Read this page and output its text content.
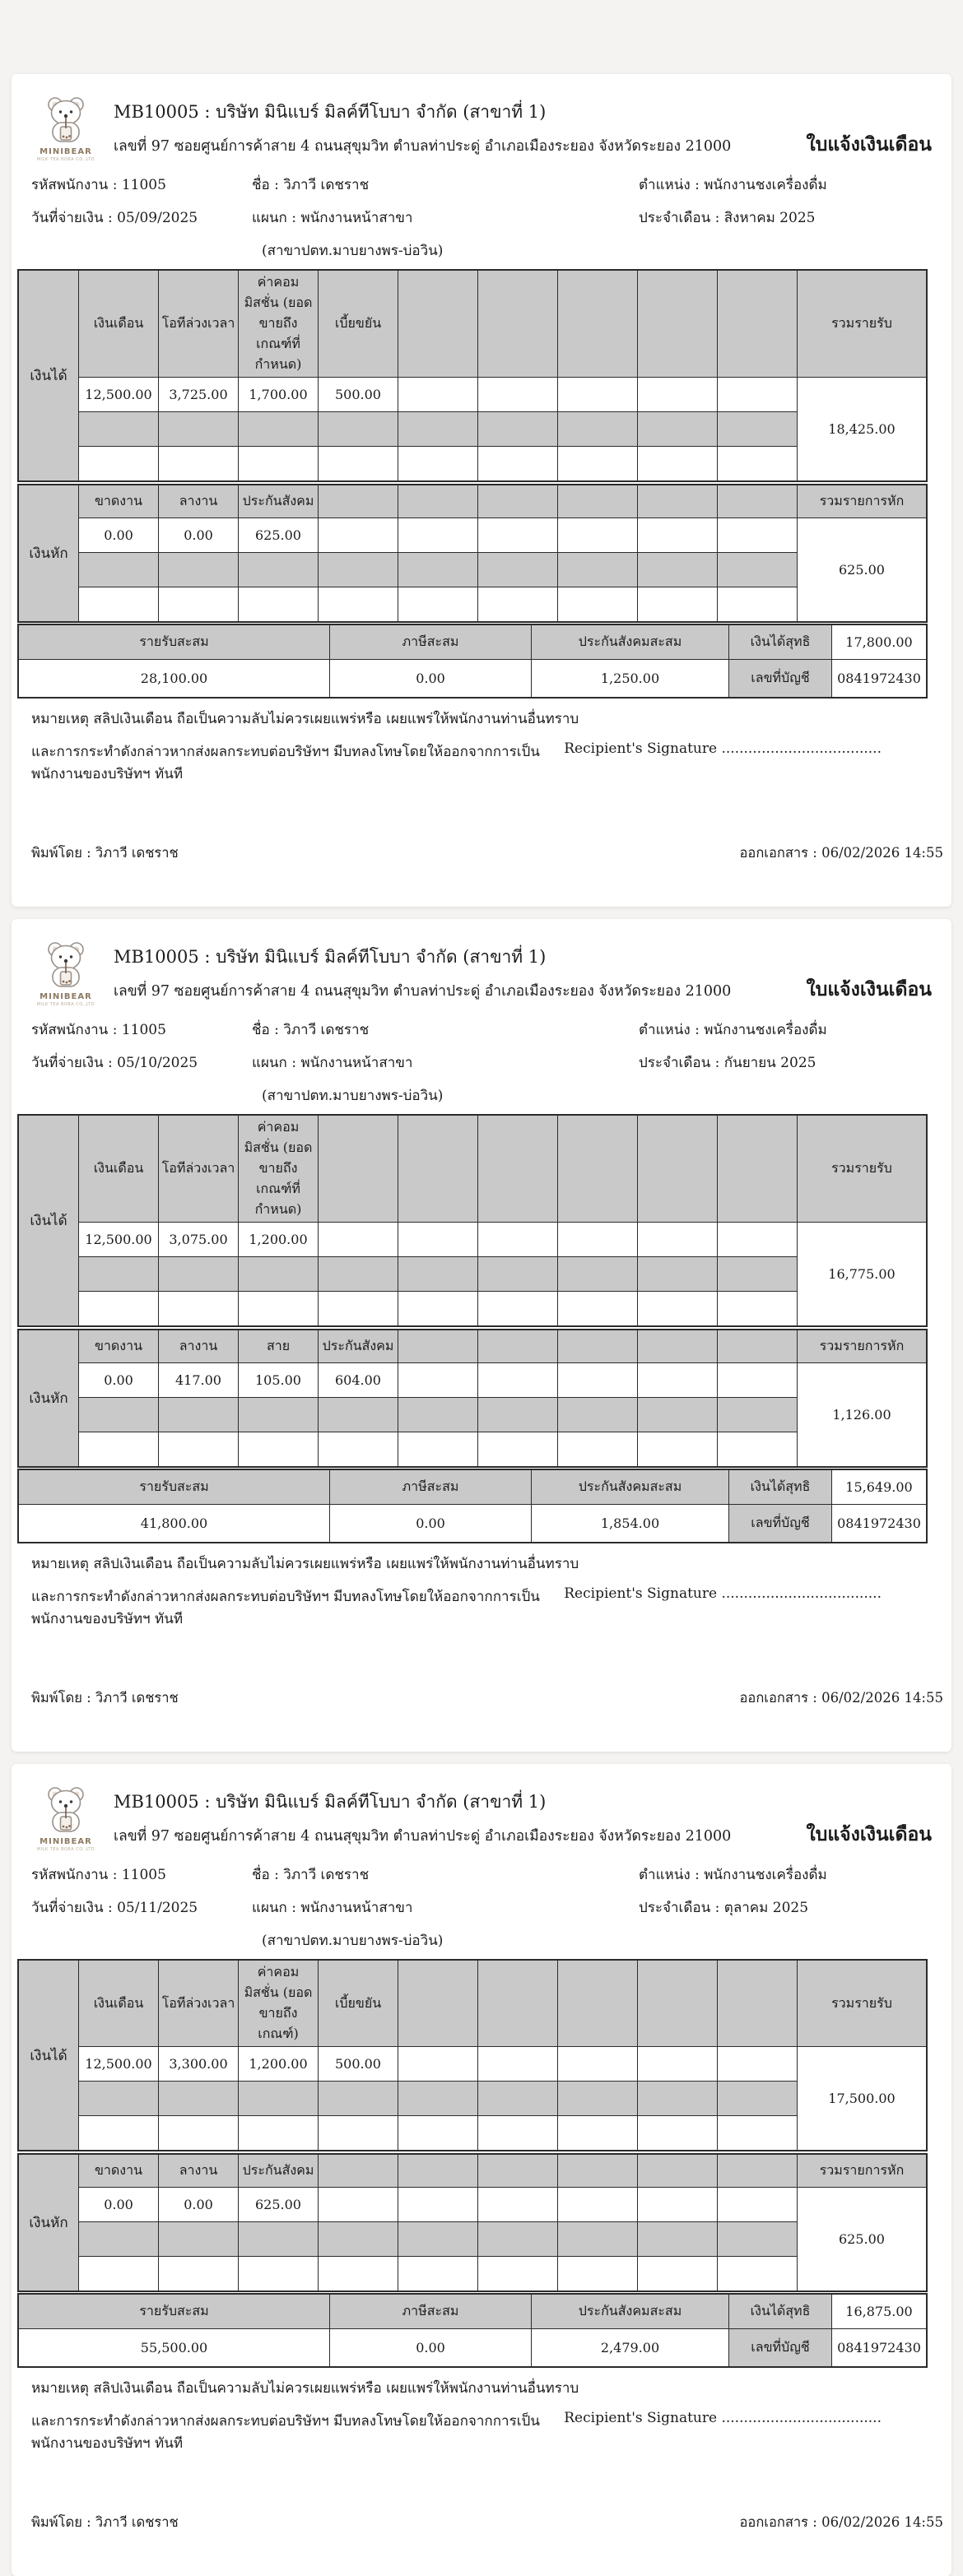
MINIBEAR
MILK TEA BOBA CO.,LTD
MB10005 : บริษัท มินิแบร์ มิลค์ทีโบบา จำกัด (สาขาที่ 1)
เลขที่ 97 ซอยศูนย์การค้าสาย 4 ถนนสุขุมวิท ตำบลท่าประดู่ อำเภอเมืองระยอง จังหวัดระยอง 21000	ใบแจ้งเงินเดือน
รหัสพนักงาน : 11005	ชื่อ : วิภาวี เดชราช	ตำแหน่ง : พนักงานชงเครื่องดื่ม
วันที่จ่ายเงิน : 05/09/2025	แผนก : พนักงานหน้าสาขา	ประจำเดือน : สิงหาคม 2025
(สาขาปตท.มาบยางพร-บ่อวิน)
เงินได้	เงินเดือน	โอทีล่วงเวลา	ค่าคอมมิสชั่น (ยอดขายถึงเกณฑ์ที่กำหนด)	เบี้ยขยัน						รวมรายรับ
	12,500.00	3,725.00	1,700.00	500.00						18,425.00

เงินหัก	ขาดงาน	ลางาน	ประกันสังคม							รวมรายการหัก
	0.00	0.00	625.00							625.00

รายรับสะสม	ภาษีสะสม	ประกันสังคมสะสม	เงินได้สุทธิ	17,800.00
28,100.00	0.00	1,250.00	เลขที่บัญชี	0841972430
หมายเหตุ สลิปเงินเดือน ถือเป็นความลับไม่ควรเผยแพร่หรือ เผยแพร่ให้พนักงานท่านอื่นทราบ
และการกระทำดังกล่าวหากส่งผลกระทบต่อบริษัทฯ มีบทลงโทษโดยให้ออกจากการเป็นพนักงานของบริษัทฯ ทันที
Recipient's Signature ....................................
พิมพ์โดย : วิภาวี เดชราช	ออกเอกสาร : 06/02/2026 14:55
MINIBEAR
MILK TEA BOBA CO.,LTD
MB10005 : บริษัท มินิแบร์ มิลค์ทีโบบา จำกัด (สาขาที่ 1)
เลขที่ 97 ซอยศูนย์การค้าสาย 4 ถนนสุขุมวิท ตำบลท่าประดู่ อำเภอเมืองระยอง จังหวัดระยอง 21000	ใบแจ้งเงินเดือน
รหัสพนักงาน : 11005	ชื่อ : วิภาวี เดชราช	ตำแหน่ง : พนักงานชงเครื่องดื่ม
วันที่จ่ายเงิน : 05/10/2025	แผนก : พนักงานหน้าสาขา	ประจำเดือน : กันยายน 2025
(สาขาปตท.มาบยางพร-บ่อวิน)
เงินได้	เงินเดือน	โอทีล่วงเวลา	ค่าคอมมิสชั่น (ยอดขายถึงเกณฑ์ที่กำหนด)							รวมรายรับ
	12,500.00	3,075.00	1,200.00							16,775.00

เงินหัก	ขาดงาน	ลางาน	สาย	ประกันสังคม						รวมรายการหัก
	0.00	417.00	105.00	604.00						1,126.00

รายรับสะสม	ภาษีสะสม	ประกันสังคมสะสม	เงินได้สุทธิ	15,649.00
41,800.00	0.00	1,854.00	เลขที่บัญชี	0841972430
หมายเหตุ สลิปเงินเดือน ถือเป็นความลับไม่ควรเผยแพร่หรือ เผยแพร่ให้พนักงานท่านอื่นทราบ
และการกระทำดังกล่าวหากส่งผลกระทบต่อบริษัทฯ มีบทลงโทษโดยให้ออกจากการเป็นพนักงานของบริษัทฯ ทันที
Recipient's Signature ....................................
พิมพ์โดย : วิภาวี เดชราช	ออกเอกสาร : 06/02/2026 14:55
MINIBEAR
MILK TEA BOBA CO.,LTD
MB10005 : บริษัท มินิแบร์ มิลค์ทีโบบา จำกัด (สาขาที่ 1)
เลขที่ 97 ซอยศูนย์การค้าสาย 4 ถนนสุขุมวิท ตำบลท่าประดู่ อำเภอเมืองระยอง จังหวัดระยอง 21000	ใบแจ้งเงินเดือน
รหัสพนักงาน : 11005	ชื่อ : วิภาวี เดชราช	ตำแหน่ง : พนักงานชงเครื่องดื่ม
วันที่จ่ายเงิน : 05/11/2025	แผนก : พนักงานหน้าสาขา	ประจำเดือน : ตุลาคม 2025
(สาขาปตท.มาบยางพร-บ่อวิน)
เงินได้	เงินเดือน	โอทีล่วงเวลา	ค่าคอมมิสชั่น (ยอดขายถึงเกณฑ์)	เบี้ยขยัน						รวมรายรับ
	12,500.00	3,300.00	1,200.00	500.00						17,500.00

เงินหัก	ขาดงาน	ลางาน	ประกันสังคม							รวมรายการหัก
	0.00	0.00	625.00							625.00

รายรับสะสม	ภาษีสะสม	ประกันสังคมสะสม	เงินได้สุทธิ	16,875.00
55,500.00	0.00	2,479.00	เลขที่บัญชี	0841972430
หมายเหตุ สลิปเงินเดือน ถือเป็นความลับไม่ควรเผยแพร่หรือ เผยแพร่ให้พนักงานท่านอื่นทราบ
และการกระทำดังกล่าวหากส่งผลกระทบต่อบริษัทฯ มีบทลงโทษโดยให้ออกจากการเป็นพนักงานของบริษัทฯ ทันที
Recipient's Signature ....................................
พิมพ์โดย : วิภาวี เดชราช	ออกเอกสาร : 06/02/2026 14:55
